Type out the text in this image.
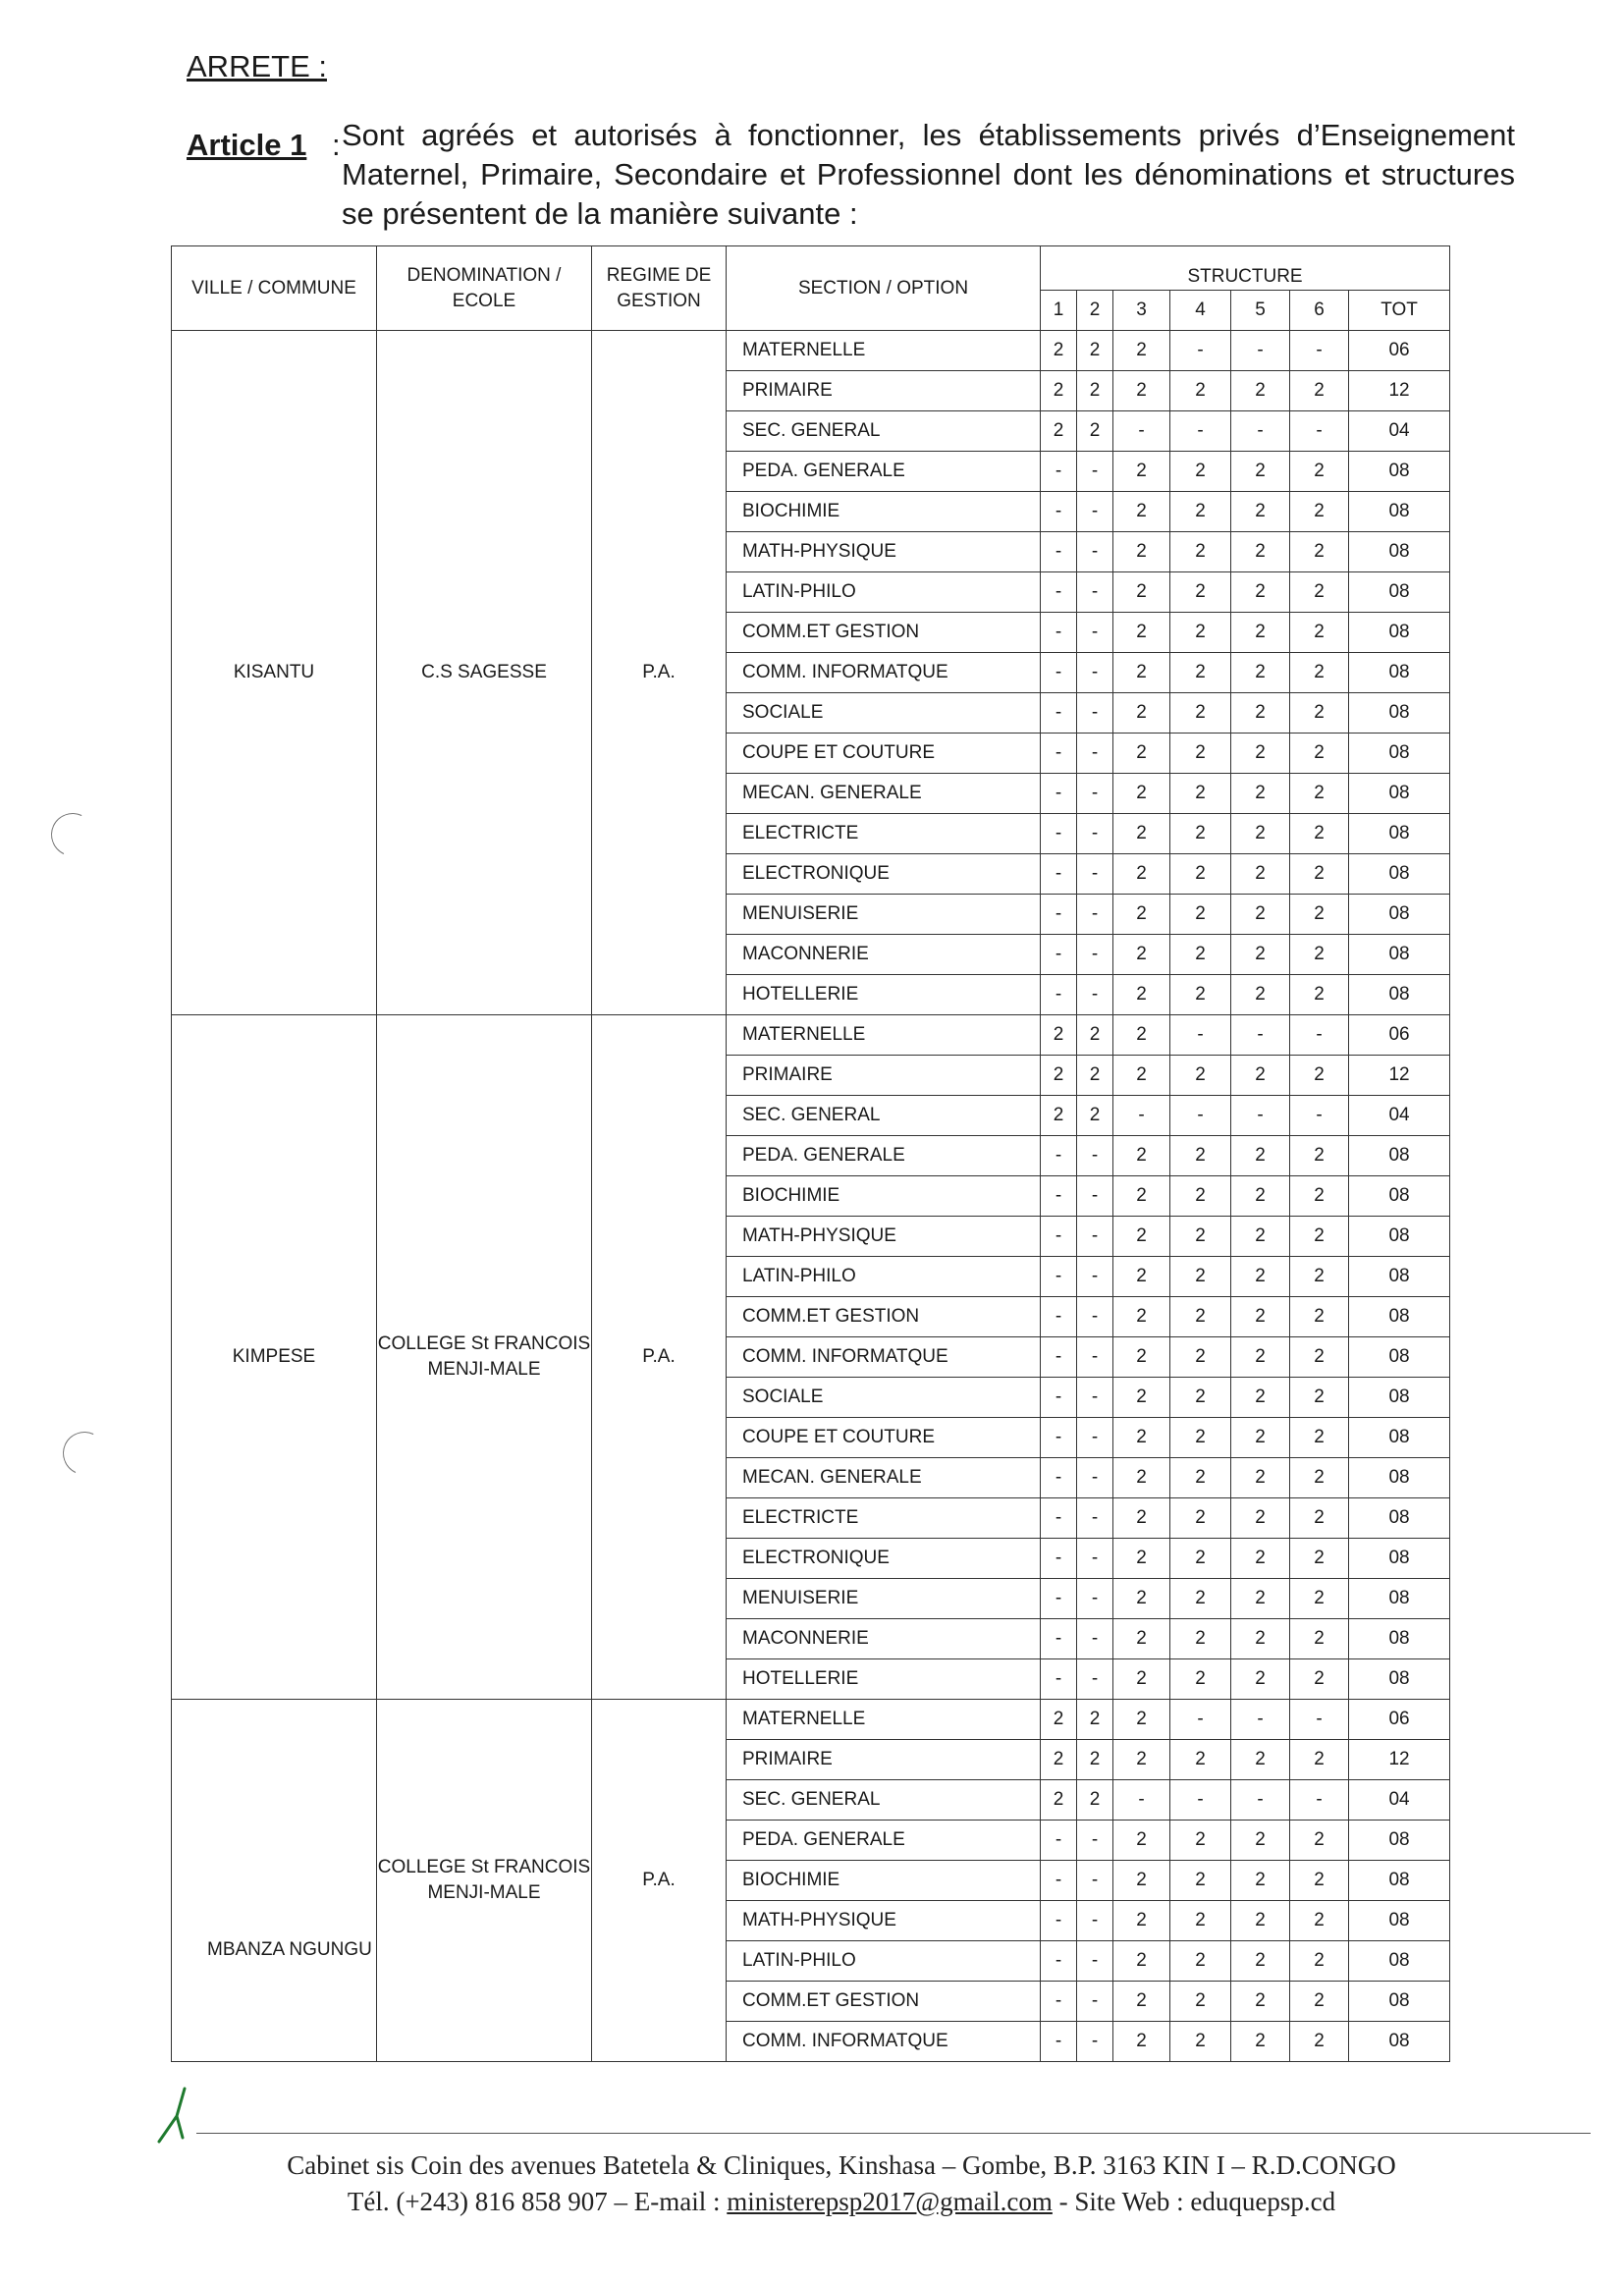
ARRETE :
Article 1 : Sont agréés et autorisés à fonctionner, les établissements privés d’Enseignement Maternel, Primaire, Secondaire et Professionnel dont les dénominations et structures se présentent de la manière suivante :
VILLE / COMMUNE	DENOMINATION / ECOLE	REGIME DE GESTION	SECTION / OPTION	STRUCTURE						
				1	2	3	4	5	6	TOT
KISANTU	C.S SAGESSE	P.A.	MATERNELLE	2	2	2	-	-	-	06
			PRIMAIRE	2	2	2	2	2	2	12
			SEC. GENERAL	2	2	-	-	-	-	04
			PEDA. GENERALE	-	-	2	2	2	2	08
			BIOCHIMIE	-	-	2	2	2	2	08
			MATH-PHYSIQUE	-	-	2	2	2	2	08
			LATIN-PHILO	-	-	2	2	2	2	08
			COMM.ET GESTION	-	-	2	2	2	2	08
			COMM. INFORMATQUE	-	-	2	2	2	2	08
			SOCIALE	-	-	2	2	2	2	08
			COUPE ET COUTURE	-	-	2	2	2	2	08
			MECAN. GENERALE	-	-	2	2	2	2	08
			ELECTRICTE	-	-	2	2	2	2	08
			ELECTRONIQUE	-	-	2	2	2	2	08
			MENUISERIE	-	-	2	2	2	2	08
			MACONNERIE	-	-	2	2	2	2	08
			HOTELLERIE	-	-	2	2	2	2	08
KIMPESE	COLLEGE St FRANCOIS MENJI-MALE	P.A.	MATERNELLE	2	2	2	-	-	-	06
			PRIMAIRE	2	2	2	2	2	2	12
			SEC. GENERAL	2	2	-	-	-	-	04
			PEDA. GENERALE	-	-	2	2	2	2	08
			BIOCHIMIE	-	-	2	2	2	2	08
			MATH-PHYSIQUE	-	-	2	2	2	2	08
			LATIN-PHILO	-	-	2	2	2	2	08
			COMM.ET GESTION	-	-	2	2	2	2	08
			COMM. INFORMATQUE	-	-	2	2	2	2	08
			SOCIALE	-	-	2	2	2	2	08
			COUPE ET COUTURE	-	-	2	2	2	2	08
			MECAN. GENERALE	-	-	2	2	2	2	08
			ELECTRICTE	-	-	2	2	2	2	08
			ELECTRONIQUE	-	-	2	2	2	2	08
			MENUISERIE	-	-	2	2	2	2	08
			MACONNERIE	-	-	2	2	2	2	08
			HOTELLERIE	-	-	2	2	2	2	08
MBANZA NGUNGU	COLLEGE St FRANCOIS MENJI-MALE	P.A.	MATERNELLE	2	2	2	-	-	-	06
			PRIMAIRE	2	2	2	2	2	2	12
			SEC. GENERAL	2	2	-	-	-	-	04
			PEDA. GENERALE	-	-	2	2	2	2	08
			BIOCHIMIE	-	-	2	2	2	2	08
			MATH-PHYSIQUE	-	-	2	2	2	2	08
			LATIN-PHILO	-	-	2	2	2	2	08
			COMM.ET GESTION	-	-	2	2	2	2	08
			COMM. INFORMATQUE	-	-	2	2	2	2	08
Cabinet sis Coin des avenues Batetela & Cliniques, Kinshasa – Gombe, B.P. 3163 KIN I – R.D.CONGO
Tél. (+243) 816 858 907 – E-mail : ministerepsp2017@gmail.com - Site Web : eduquepsp.cd
